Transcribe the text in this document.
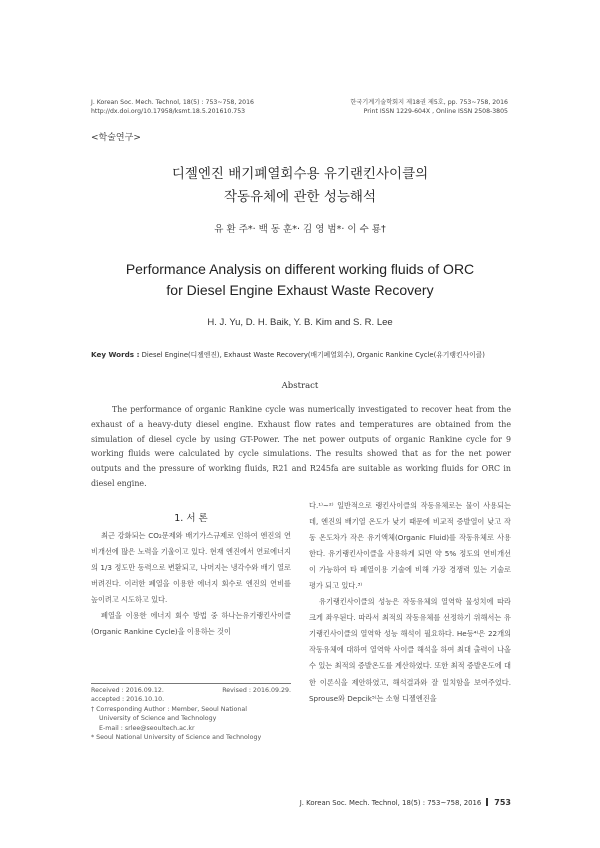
J. Korean Soc. Mech. Technol, 18(5) : 753~758, 2016
http://dx.doi.org/10.17958/ksmt.18.5.201610.753
한국기계기술학회지 제18권 제5호, pp. 753~758, 2016
Print ISSN 1229-604X , Online ISSN 2508-3805
<학술연구>
디젤엔진 배기폐열회수용 유기랜킨사이클의
작동유체에 관한 성능해석
유 환 주*· 백 동 훈*· 김 영 범*· 이 수 룡†
Performance Analysis on different working fluids of ORC
for Diesel Engine Exhaust Waste Recovery
H. J. Yu, D. H. Baik, Y. B. Kim and S. R. Lee
Key Words : Diesel Engine(디젤엔진), Exhaust Waste Recovery(배기폐열회수), Organic Rankine Cycle(유기랭킨사이클)
Abstract

The performance of organic Rankine cycle was numerically investigated to recover heat from the exhaust of a heavy-duty diesel engine. Exhaust flow rates and temperatures are obtained from the simulation of diesel cycle by using GT-Power. The net power outputs of organic Rankine cycle for 9 working fluids were calculated by cycle simulations. The results showed that as for the net power outputs and the pressure of working fluids, R21 and R245fa are suitable as working fluids for ORC in diesel engine.

1. 서 론

최근 강화되는 CO₂문제와 배기가스규제로 인하여 엔진의 연비개선에 많은 노력을 기울이고 있다. 현재 엔진에서 연료에너지의 1/3 정도만 동력으로 변환되고, 나머지는 냉각수와 배기 열로 버려진다. 이러한 폐열을 이용한 에너지 회수로 엔진의 연비를 높이려고 시도하고 있다.

폐열을 이용한 에너지 회수 방법 중 하나는유기랭킨사이클(Organic Rankine Cycle)을 이용하는 것이

다.¹⁾~²⁾ 일반적으로 랭킨사이클의 작동유체로는 물이 사용되는데, 엔진의 배기열 온도가 낮기 때문에 비교적 증발열이 낮고 작동 온도차가 작은 유기액체(Organic Fluid)를 작동유체로 사용한다. 유기랭킨사이클을 사용하게 되면 약 5% 정도의 연비개선이 가능하여 타 폐열이용 기술에 비해 가장 경쟁력 있는 기술로 평가 되고 있다.³⁾

유기랭킨사이클의 성능은 작동유체의 열역학 물성치에 따라 크게 좌우된다. 따라서 최적의 작동유체를 선정하기 위해서는 유기랭킨사이클의 열역학 성능 해석이 필요하다. He등⁴⁾은 22개의 작동유체에 대하여 열역학 사이클 해석을 하여 최대 출력이 나올 수 있는 최적의 증발온도를 계산하였다. 또한 최적 증발온도에 대한 이론식을 제안하였고, 해석결과와 잘 일치함을 보여주었다. Sprouse와 Depcik⁵⁾는 소형 디젤엔진을

Received : 2016.09.12.	Revised : 2016.09.29.
accepted : 2016.10.10.
† Corresponding Author : Member, Seoul National
University of Science and Technology
E-mail : srlee@seoultech.ac.kr
* Seoul National University of Science and Technology
J. Korean Soc. Mech. Technol, 18(5) : 753~758, 2016 753
